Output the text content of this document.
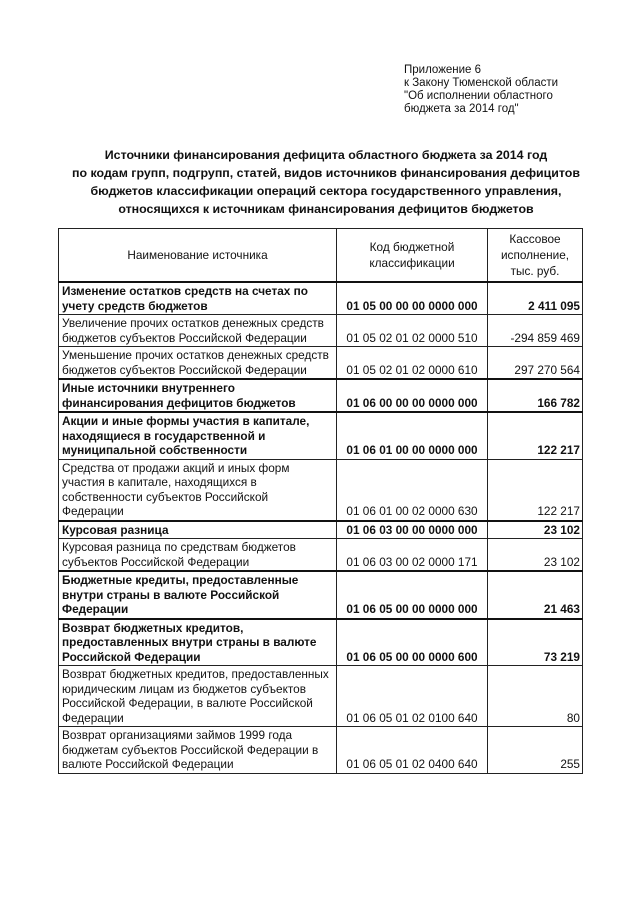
Приложение 6
к Закону Тюменской области
"Об исполнении областного
бюджета за 2014 год"
Источники финансирования дефицита областного бюджета за 2014 год
по кодам групп, подгрупп, статей, видов источников финансирования дефицитов
бюджетов классификации операций сектора государственного управления,
относящихся к источникам финансирования дефицитов бюджетов
Наименование источника	Код бюджетной классификации	Кассовое исполнение, тыс. руб.
Изменение остатков средств на счетах по учету средств бюджетов	01 05 00 00 00 0000 000	2 411 095
Увеличение прочих остатков денежных средств бюджетов субъектов Российской Федерации	01 05 02 01 02 0000 510	-294 859 469
Уменьшение прочих остатков денежных средств бюджетов субъектов Российской Федерации	01 05 02 01 02 0000 610	297 270 564
Иные источники внутреннего финансирования дефицитов бюджетов	01 06 00 00 00 0000 000	166 782
Акции и иные формы участия в капитале, находящиеся в государственной и муниципальной собственности	01 06 01 00 00 0000 000	122 217
Средства от продажи акций и иных форм участия в капитале, находящихся в собственности субъектов Российской Федерации	01 06 01 00 02 0000 630	122 217
Курсовая разница	01 06 03 00 00 0000 000	23 102
Курсовая разница по средствам бюджетов субъектов Российской Федерации	01 06 03 00 02 0000 171	23 102
Бюджетные кредиты, предоставленные внутри страны в валюте Российской Федерации	01 06 05 00 00 0000 000	21 463
Возврат бюджетных кредитов, предоставленных внутри страны в валюте Российской Федерации	01 06 05 00 00 0000 600	73 219
Возврат бюджетных кредитов, предоставленных юридическим лицам из бюджетов субъектов Российской Федерации, в валюте Российской Федерации	01 06 05 01 02 0100 640	80
Возврат организациями займов 1999 года бюджетам субъектов Российской Федерации в валюте Российской Федерации	01 06 05 01 02 0400 640	255
